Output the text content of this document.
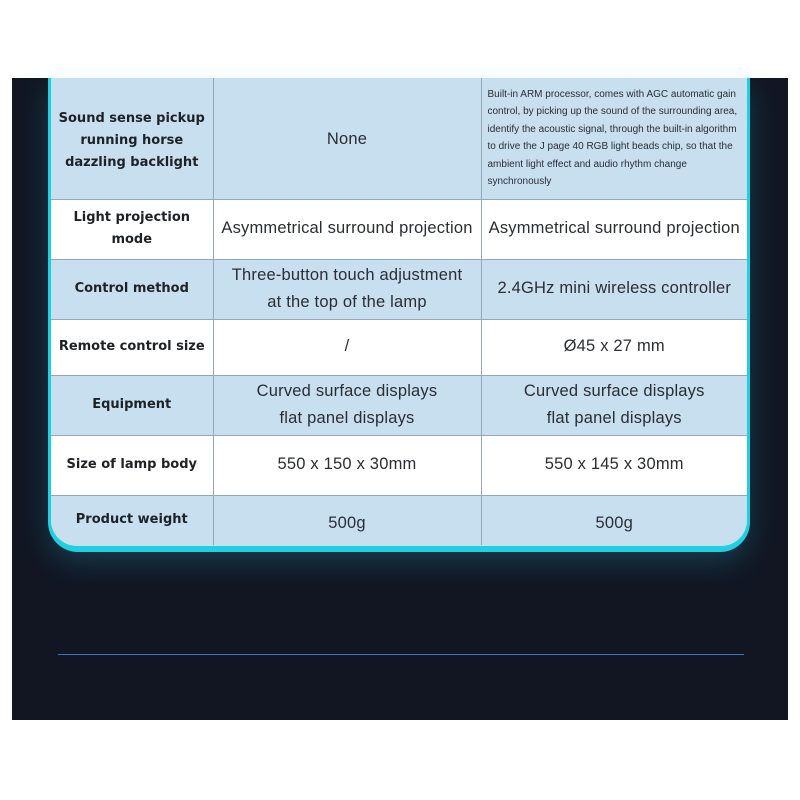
Sound sense pickup running horse dazzling backlight	None	Built-in ARM processor, comes with AGC automatic gain control, by picking up the sound of the surrounding area, identify the acoustic signal, through the built-in algorithm to drive the J page 40 RGB light beads chip, so that the ambient light effect and audio rhythm change synchronously
Light projection mode	Asymmetrical surround projection	Asymmetrical surround projection
Control method	Three-button touch adjustment at the top of the lamp	2.4GHz mini wireless controller
Remote control size	/	Ø45 x 27 mm
Equipment	Curved surface displays flat panel displays	Curved surface displays flat panel displays
Size of lamp body	550 x 150 x 30mm	550 x 145 x 30mm
Product weight	500g	500g
